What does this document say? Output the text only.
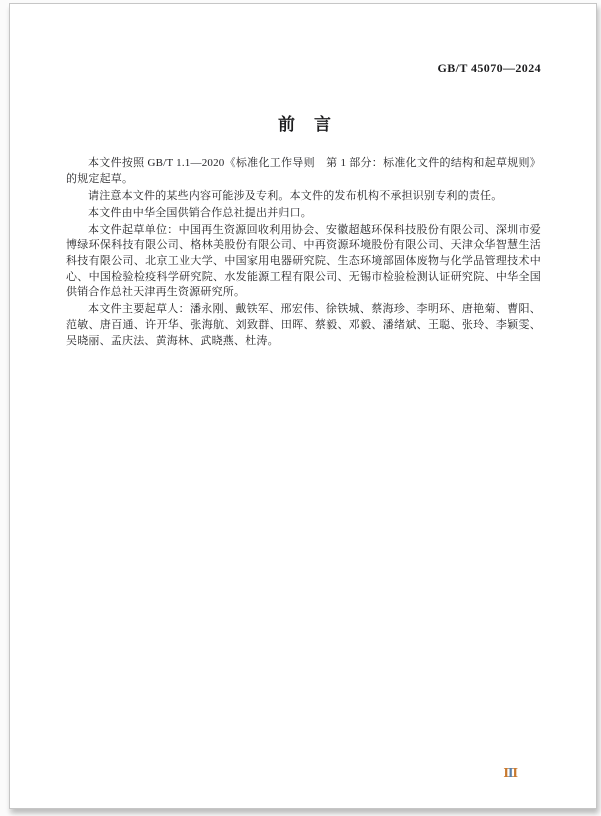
GB/T 45070—2024
前　言

本文件按照 GB/T 1.1—2020《标准化工作导则　第 1 部分：标准化文件的结构和起草规则》的规定起草。

请注意本文件的某些内容可能涉及专利。本文件的发布机构不承担识别专利的责任。

本文件由中华全国供销合作总社提出并归口。

本文件起草单位：中国再生资源回收利用协会、安徽超越环保科技股份有限公司、深圳市爱博绿环保科技有限公司、格林美股份有限公司、中再资源环境股份有限公司、天津众华智慧生活科技有限公司、北京工业大学、中国家用电器研究院、生态环境部固体废物与化学品管理技术中心、中国检验检疫科学研究院、水发能源工程有限公司、无锡市检验检测认证研究院、中华全国供销合作总社天津再生资源研究所。

本文件主要起草人：潘永刚、戴铁军、邢宏伟、徐铁城、蔡海珍、李明环、唐艳菊、曹阳、范敏、唐百通、许开华、张海航、刘致群、田晖、蔡毅、邓毅、潘绪斌、王聪、张玲、李颖雯、吴晓丽、孟庆法、黄海林、武晓燕、杜涛。

Ⅲ
